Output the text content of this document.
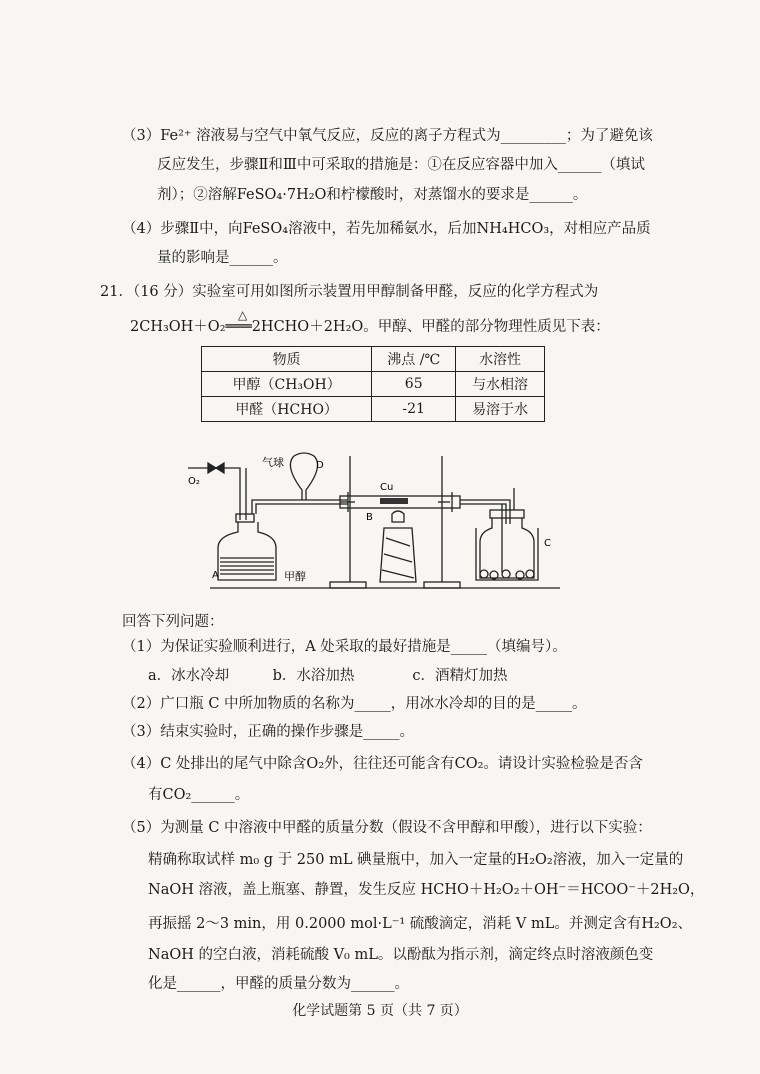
（3）Fe²⁺ 溶液易与空气中氧气反应，反应的离子方程式为_________；为了避免该
反应发生，步骤Ⅱ和Ⅲ中可采取的措施是：①在反应容器中加入______（填试
剂）；②溶解FeSO₄·7H₂O和柠檬酸时，对蒸馏水的要求是______。
（4）步骤Ⅱ中，向FeSO₄溶液中，若先加稀氨水，后加NH₄HCO₃，对相应产品质
量的影响是______。
21．（16 分）实验室可用如图所示装置用甲醇制备甲醛，反应的化学方程式为
△
2CH₃OH＋O₂═══2HCHO＋2H₂O。甲醇、甲醛的部分物理性质见下表：
物质	沸点 /℃	水溶性
甲醇（CH₃OH）	65	与水相溶
甲醛（HCHO）	-21	易溶于水
O₂
气球	D
Cu
B
A	甲醇
C
回答下列问题：
（1）为保证实验顺利进行，A 处采取的最好措施是_____（填编号）。
a．冰水冷却　　　b．水浴加热　　　　c．酒精灯加热
（2）广口瓶 C 中所加物质的名称为_____，用冰水冷却的目的是_____。
（3）结束实验时，正确的操作步骤是_____。
（4）C 处排出的尾气中除含O₂外，往往还可能含有CO₂。请设计实验检验是否含
有CO₂______。
（5）为测量 C 中溶液中甲醛的质量分数（假设不含甲醇和甲酸），进行以下实验：
精确称取试样 m₀ g 于 250 mL 碘量瓶中，加入一定量的H₂O₂溶液，加入一定量的
NaOH 溶液，盖上瓶塞、静置，发生反应 HCHO＋H₂O₂＋OH⁻＝HCOO⁻＋2H₂O，
再振摇 2～3 min，用 0.2000 mol·L⁻¹ 硫酸滴定，消耗 V mL。并测定含有H₂O₂、
NaOH 的空白液，消耗硫酸 V₀ mL。以酚酞为指示剂，滴定终点时溶液颜色变
化是______，甲醛的质量分数为______。
化学试题第 5 页（共 7 页）
